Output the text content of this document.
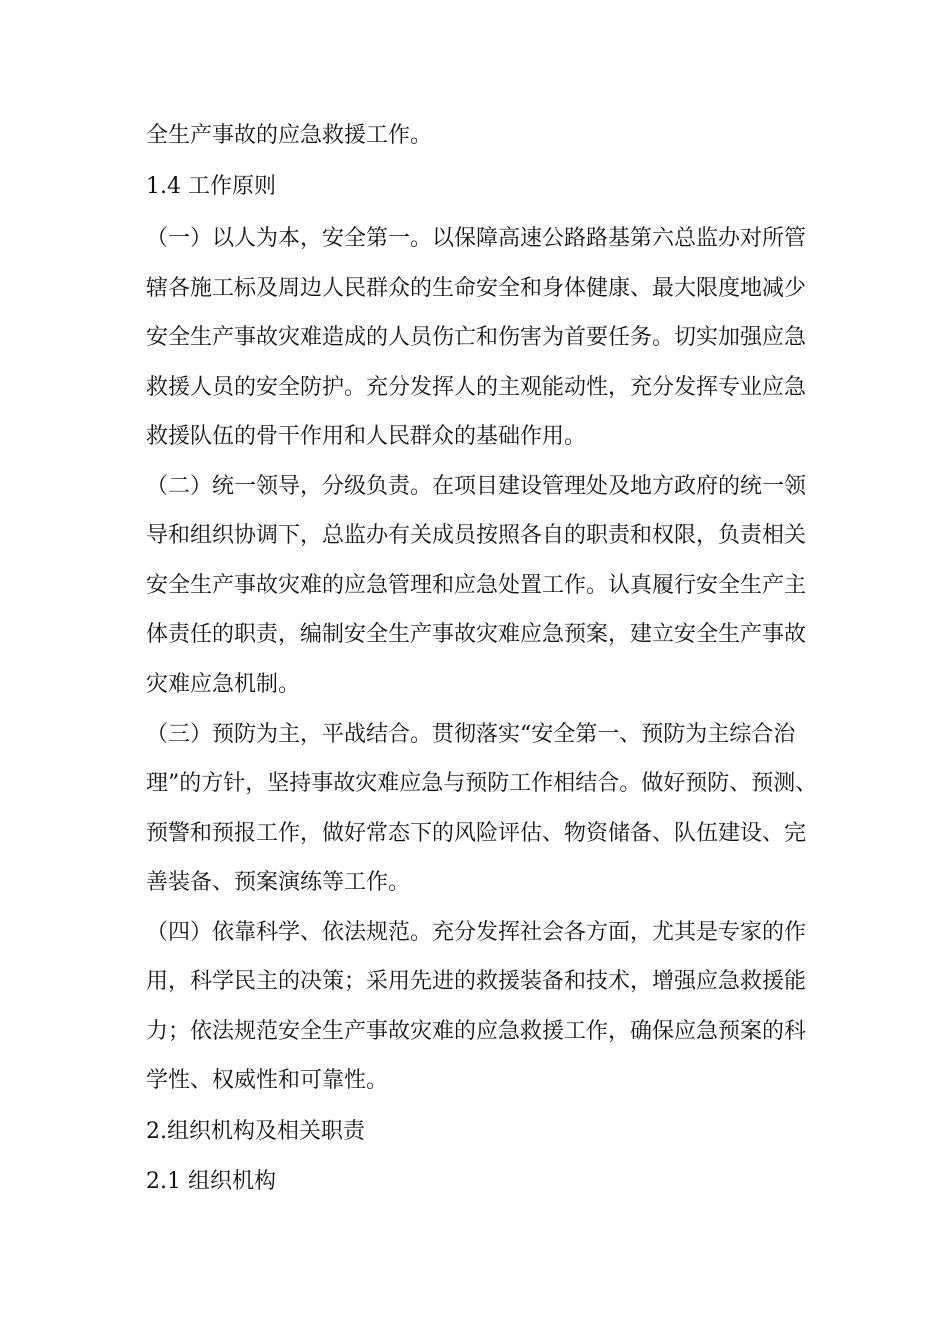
全生产事故的应急救援工作。
1.4 工作原则
（一）以人为本，安全第一。以保障高速公路路基第六总监办对所管
辖各施工标及周边人民群众的生命安全和身体健康、最大限度地减少
安全生产事故灾难造成的人员伤亡和伤害为首要任务。切实加强应急
救援人员的安全防护。充分发挥人的主观能动性，充分发挥专业应急
救援队伍的骨干作用和人民群众的基础作用。
（二）统一领导，分级负责。在项目建设管理处及地方政府的统一领
导和组织协调下，总监办有关成员按照各自的职责和权限，负责相关
安全生产事故灾难的应急管理和应急处置工作。认真履行安全生产主
体责任的职责，编制安全生产事故灾难应急预案，建立安全生产事故
灾难应急机制。
（三）预防为主，平战结合。贯彻落实“安全第一、预防为主综合治
理”的方针，坚持事故灾难应急与预防工作相结合。做好预防、预测、
预警和预报工作，做好常态下的风险评估、物资储备、队伍建设、完
善装备、预案演练等工作。
（四）依靠科学、依法规范。充分发挥社会各方面，尤其是专家的作
用，科学民主的决策；采用先进的救援装备和技术，增强应急救援能
力；依法规范安全生产事故灾难的应急救援工作，确保应急预案的科
学性、权威性和可靠性。
2.组织机构及相关职责
2.1 组织机构
